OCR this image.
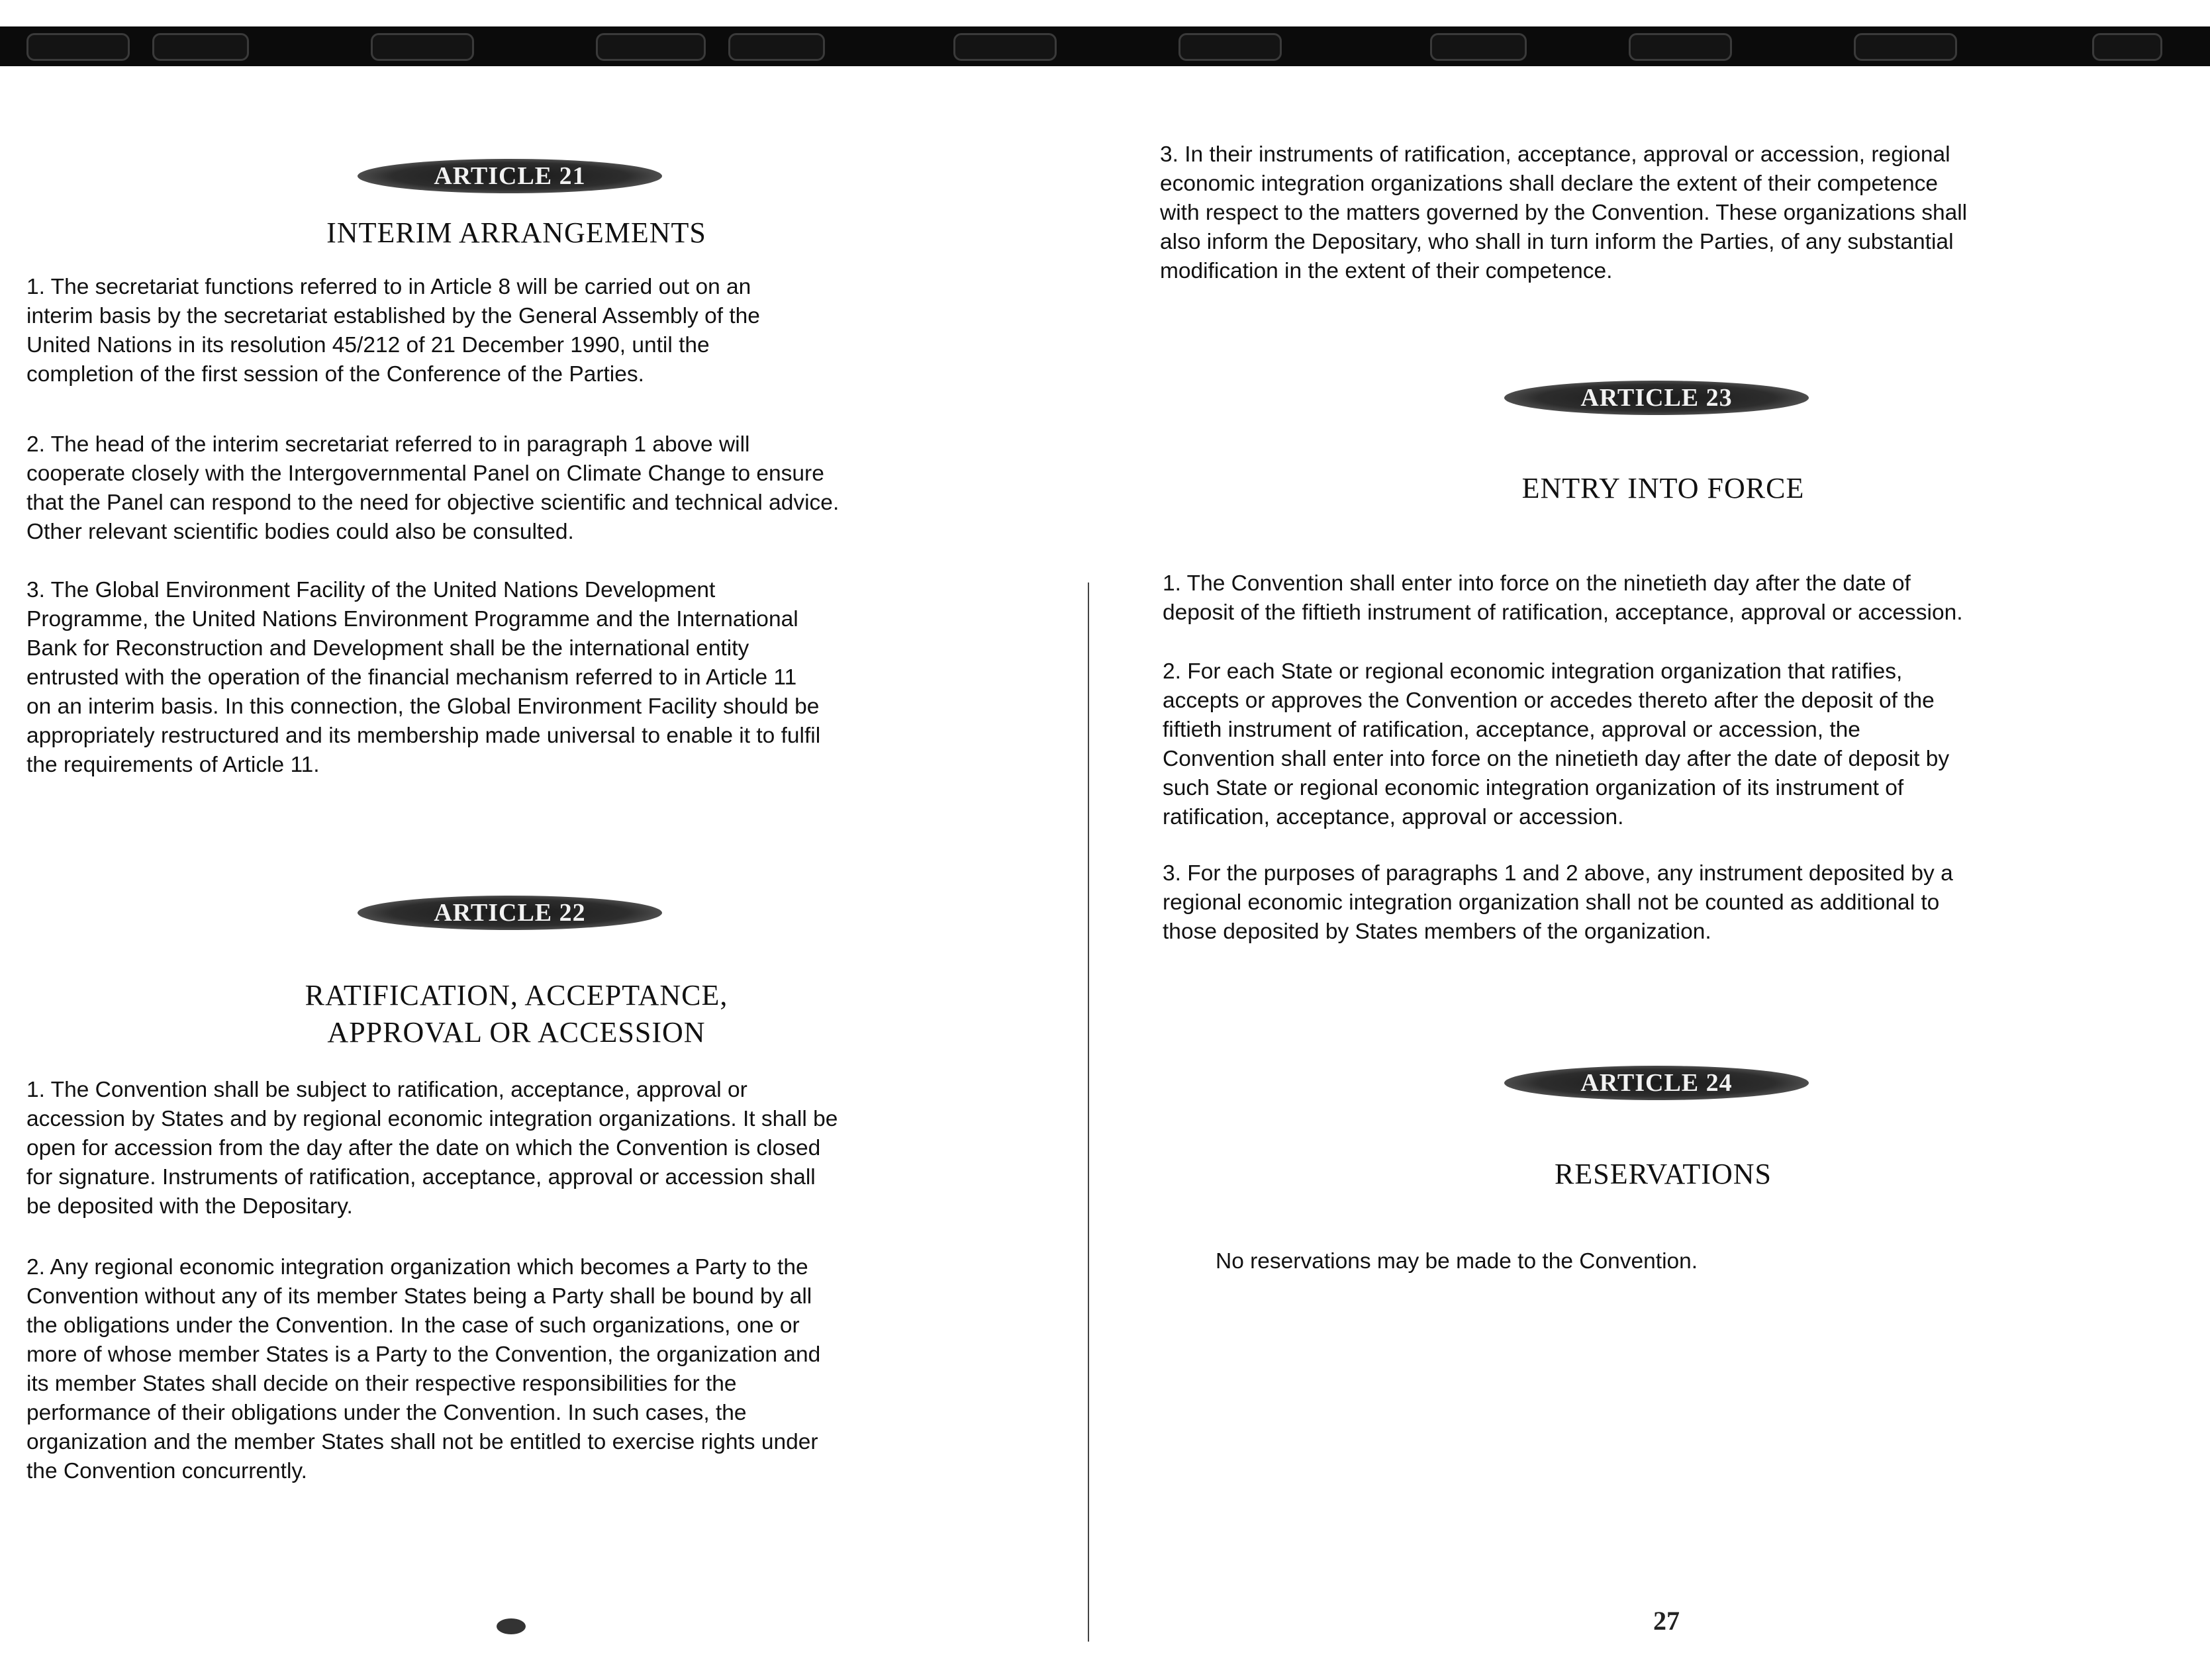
ARTICLE 21
INTERIM ARRANGEMENTS
1. The secretariat functions referred to in Article 8 will be carried out on an
interim basis by the secretariat established by the General Assembly of the
United Nations in its resolution 45/212 of 21 December 1990, until the
completion of the first session of the Conference of the Parties.
2. The head of the interim secretariat referred to in paragraph 1 above will
cooperate closely with the Intergovernmental Panel on Climate Change to ensure
that the Panel can respond to the need for objective scientific and technical advice.
Other relevant scientific bodies could also be consulted.
3. The Global Environment Facility of the United Nations Development
Programme, the United Nations Environment Programme and the International
Bank for Reconstruction and Development shall be the international entity
entrusted with the operation of the financial mechanism referred to in Article 11
on an interim basis. In this connection, the Global Environment Facility should be
appropriately restructured and its membership made universal to enable it to fulfil
the requirements of Article 11.
ARTICLE 22
RATIFICATION, ACCEPTANCE,
APPROVAL OR ACCESSION
1. The Convention shall be subject to ratification, acceptance, approval or
accession by States and by regional economic integration organizations. It shall be
open for accession from the day after the date on which the Convention is closed
for signature. Instruments of ratification, acceptance, approval or accession shall
be deposited with the Depositary.
2. Any regional economic integration organization which becomes a Party to the
Convention without any of its member States being a Party shall be bound by all
the obligations under the Convention. In the case of such organizations, one or
more of whose member States is a Party to the Convention, the organization and
its member States shall decide on their respective responsibilities for the
performance of their obligations under the Convention. In such cases, the
organization and the member States shall not be entitled to exercise rights under
the Convention concurrently.
3. In their instruments of ratification, acceptance, approval or accession, regional
economic integration organizations shall declare the extent of their competence
with respect to the matters governed by the Convention. These organizations shall
also inform the Depositary, who shall in turn inform the Parties, of any substantial
modification in the extent of their competence.
ARTICLE 23
ENTRY INTO FORCE
1. The Convention shall enter into force on the ninetieth day after the date of
deposit of the fiftieth instrument of ratification, acceptance, approval or accession.
2. For each State or regional economic integration organization that ratifies,
accepts or approves the Convention or accedes thereto after the deposit of the
fiftieth instrument of ratification, acceptance, approval or accession, the
Convention shall enter into force on the ninetieth day after the date of deposit by
such State or regional economic integration organization of its instrument of
ratification, acceptance, approval or accession.
3. For the purposes of paragraphs 1 and 2 above, any instrument deposited by a
regional economic integration organization shall not be counted as additional to
those deposited by States members of the organization.
ARTICLE 24
RESERVATIONS
No reservations may be made to the Convention.
27
